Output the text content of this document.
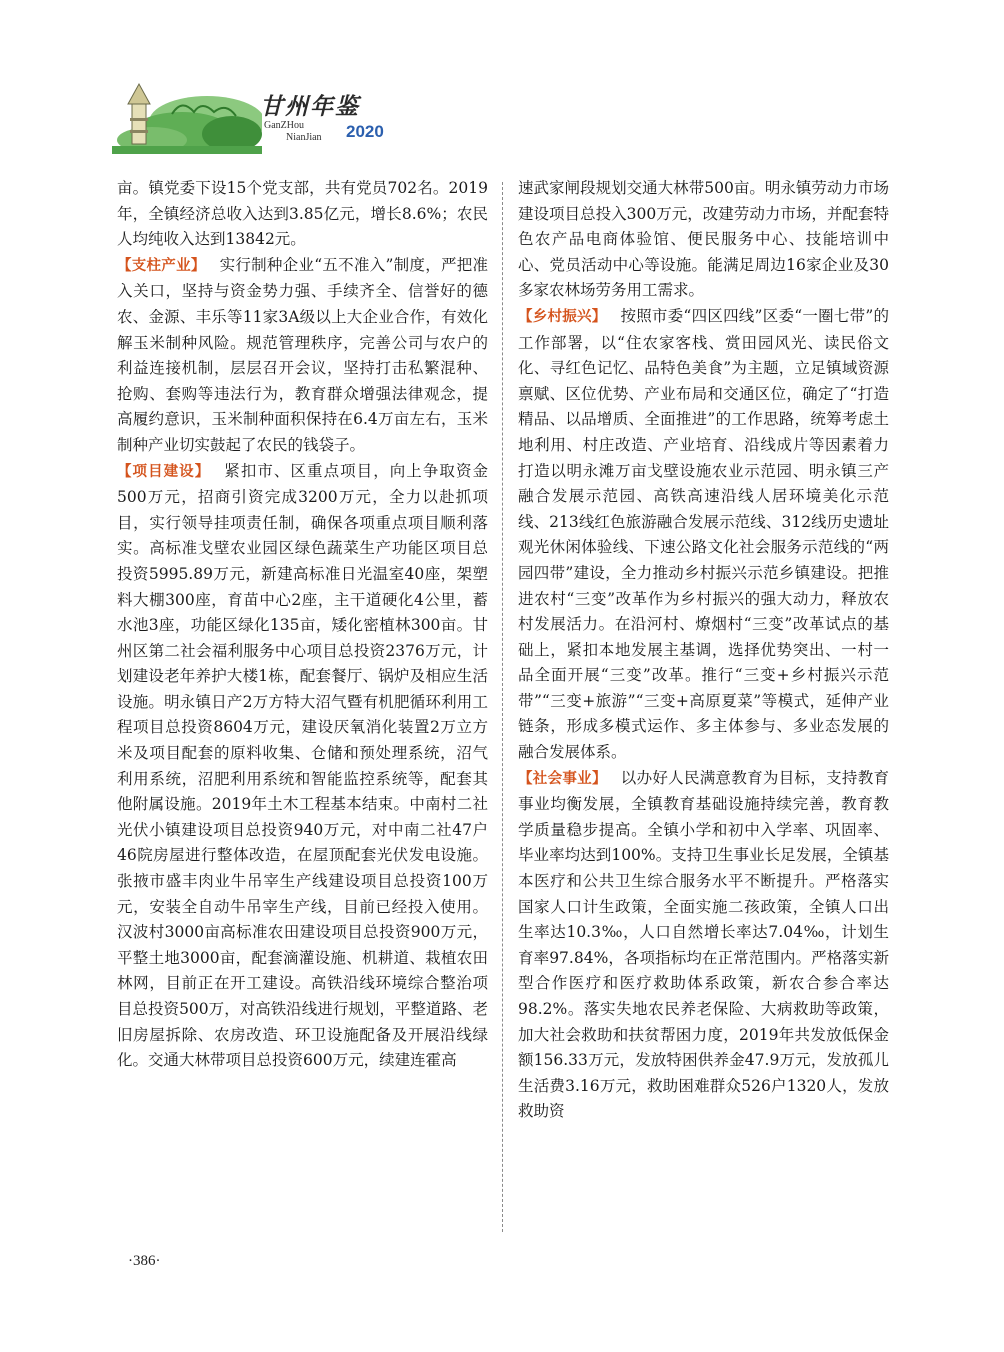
甘州年鉴
GanZHou
NianJian 2020

亩。镇党委下设15个党支部，共有党员702名。2019年，全镇经济总收入达到3.85亿元，增长8.6%；农民人均纯收入达到13842元。

【支柱产业】 实行制种企业“五不准入”制度，严把准入关口，坚持与资金势力强、手续齐全、信誉好的德农、金源、丰乐等11家3A级以上大企业合作，有效化解玉米制种风险。规范管理秩序，完善公司与农户的利益连接机制，层层召开会议，坚持打击私繁混种、抢购、套购等违法行为，教育群众增强法律观念，提高履约意识，玉米制种面积保持在6.4万亩左右，玉米制种产业切实鼓起了农民的钱袋子。

【项目建设】 紧扣市、区重点项目，向上争取资金500万元，招商引资完成3200万元，全力以赴抓项目，实行领导挂项责任制，确保各项重点项目顺利落实。高标准戈壁农业园区绿色蔬菜生产功能区项目总投资5995.89万元，新建高标准日光温室40座，架塑料大棚300座，育苗中心2座，主干道硬化4公里，蓄水池3座，功能区绿化135亩，矮化密植林300亩。甘州区第二社会福利服务中心项目总投资2376万元，计划建设老年养护大楼1栋，配套餐厅、锅炉及相应生活设施。明永镇日产2万方特大沼气暨有机肥循环利用工程项目总投资8604万元，建设厌氧消化装置2万立方米及项目配套的原料收集、仓储和预处理系统，沼气利用系统，沼肥利用系统和智能监控系统等，配套其他附属设施。2019年土木工程基本结束。中南村二社光伏小镇建设项目总投资940万元，对中南二社47户46院房屋进行整体改造，在屋顶配套光伏发电设施。张掖市盛丰肉业牛吊宰生产线建设项目总投资100万元，安装全自动牛吊宰生产线，目前已经投入使用。汉波村3000亩高标准农田建设项目总投资900万元，平整土地3000亩，配套滴灌设施、机耕道、栽植农田林网，目前正在开工建设。高铁沿线环境综合整治项目总投资500万，对高铁沿线进行规划，平整道路、老旧房屋拆除、农房改造、环卫设施配备及开展沿线绿化。交通大林带项目总投资600万元，续建连霍高

速武家闸段规划交通大林带500亩。明永镇劳动力市场建设项目总投入300万元，改建劳动力市场，并配套特色农产品电商体验馆、便民服务中心、技能培训中心、党员活动中心等设施。能满足周边16家企业及30多家农林场劳务用工需求。

【乡村振兴】 按照市委“四区四线”区委“一圈七带”的工作部署，以“住农家客栈、赏田园风光、读民俗文化、寻红色记忆、品特色美食”为主题，立足镇域资源禀赋、区位优势、产业布局和交通区位，确定了“打造精品、以品增质、全面推进”的工作思路，统筹考虑土地利用、村庄改造、产业培育、沿线成片等因素着力打造以明永滩万亩戈壁设施农业示范园、明永镇三产融合发展示范园、高铁高速沿线人居环境美化示范线、213线红色旅游融合发展示范线、312线历史遗址观光休闲体验线、下速公路文化社会服务示范线的“两园四带”建设，全力推动乡村振兴示范乡镇建设。把推进农村“三变”改革作为乡村振兴的强大动力，释放农村发展活力。在沿河村、燎烟村“三变”改革试点的基础上，紧扣本地发展主基调，选择优势突出、一村一品全面开展“三变”改革。推行“三变+乡村振兴示范带”“三变+旅游”“三变+高原夏菜”等模式，延伸产业链条，形成多模式运作、多主体参与、多业态发展的融合发展体系。

【社会事业】 以办好人民满意教育为目标，支持教育事业均衡发展，全镇教育基础设施持续完善，教育教学质量稳步提高。全镇小学和初中入学率、巩固率、毕业率均达到100%。支持卫生事业长足发展，全镇基本医疗和公共卫生综合服务水平不断提升。严格落实国家人口计生政策，全面实施二孩政策，全镇人口出生率达10.3‰，人口自然增长率达7.04‰，计划生育率97.84%，各项指标均在正常范围内。严格落实新型合作医疗和医疗救助体系政策，新农合参合率达98.2%。落实失地农民养老保险、大病救助等政策，加大社会救助和扶贫帮困力度，2019年共发放低保金额156.33万元，发放特困供养金47.9万元，发放孤儿生活费3.16万元，救助困难群众526户1320人，发放救助资

·386·
